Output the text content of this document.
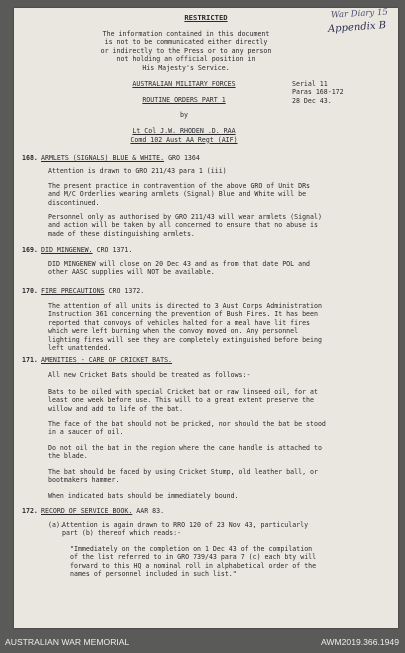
RESTRICTED	War Diary 15
Appendix B
The information contained in this document
is not to be communicated either directly
or indirectly to the Press or to any person
not holding an official position in
His Majesty's Service.
AUSTRALIAN MILITARY FORCES
ROUTINE ORDERS PART 1
by
Lt Col J.W. RHODEN .D. RAA
Comd 102 Aust AA Regt (AIF)
Serial 11
Paras 168-172
28 Dec 43.
168. ARMLETS (SIGNALS) BLUE & WHITE. GRO 1364
Attention is drawn to GRO 211/43 para 1 (iii)
The present practice in contravention of the above GRO of Unit DRs
and M/C Orderlies wearing armlets (Signal) Blue and White will be
discontinued.
Personnel only as authorised by GRO 211/43 will wear armlets (Signal)
and action will be taken by all concerned to ensure that no abuse is
made of these distinguishing armlets.
169. DID MINGENEW. CRO 1371.
DID MINGENEW will close on 20 Dec 43 and as from that date POL and
other AASC supplies will NOT be available.
170. FIRE PRECAUTIONS CRO 1372.
The attention of all units is directed to 3 Aust Corps Administration
Instruction 361 concerning the prevention of Bush Fires. It has been
reported that convoys of vehicles halted for a meal have lit fires
which were left burning when the convoy moved on. Any personnel
lighting fires will see they are completely extinguished before being
left unattended.
171. AMENITIES - CARE OF CRICKET BATS.
All new Cricket Bats should be treated as follows:-
Bats to be oiled with special Cricket bat or raw linseed oil, for at
least one week before use. This will to a great extent preserve the
willow and add to life of the bat.
The face of the bat should not be pricked, nor should the bat be stood
in a saucer of oil.
Do not oil the bat in the region where the cane handle is attached to
the blade.
The bat should be faced by using Cricket Stump, old leather ball, or
bootmakers hammer.
When indicated bats should be immediately bound.
172. RECORD OF SERVICE BOOK. AAR 83.
(a).
Attention is again drawn to RRO 120 of 23 Nov 43, particularly
part (b) thereof which reads:-
"Immediately on the completion on 1 Dec 43 of the compilation
of the list referred to in GRO 739/43 para 7 (c) each bty will
forward to this HQ a nominal roll in alphabetical order of the
names of personnel included in such list."
AUSTRALIAN WAR MEMORIAL	AWM2019.366.1949
